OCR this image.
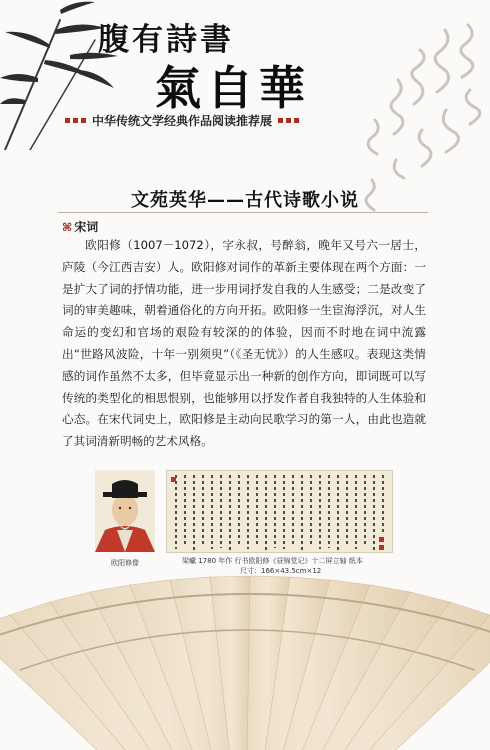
腹有詩書
氣自華
中华传统文学经典作品阅读推荐展
文苑英华——古代诗歌小说
⌘ 宋词
欧阳修（1007－1072），字永叔，号醉翁，晚年又号六一居士，庐陵（今江西吉安）人。欧阳修对词作的革新主要体现在两个方面：一是扩大了词的抒情功能，进一步用词抒发自我的人生感受；二是改变了词的审美趣味，朝着通俗化的方向开拓。欧阳修一生宦海浮沉，对人生命运的变幻和官场的艰险有较深的的体验，因而不时地在词中流露出“世路风波险，十年一别须臾”（《圣无忧》）的人生感叹。表现这类情感的词作虽然不太多，但毕竟显示出一种新的创作方向，即词既可以写传统的类型化的相思恨别，也能够用以抒发作者自我独特的人生体验和心态。在宋代词史上，欧阳修是主动向民歌学习的第一人，由此也造就了其词清新明畅的艺术风格。
欧阳修像	梁巘 1780 年作 行书欧阳修《昼锦堂记》十二屏立轴 纸本
尺寸：166×43.5cm×12
